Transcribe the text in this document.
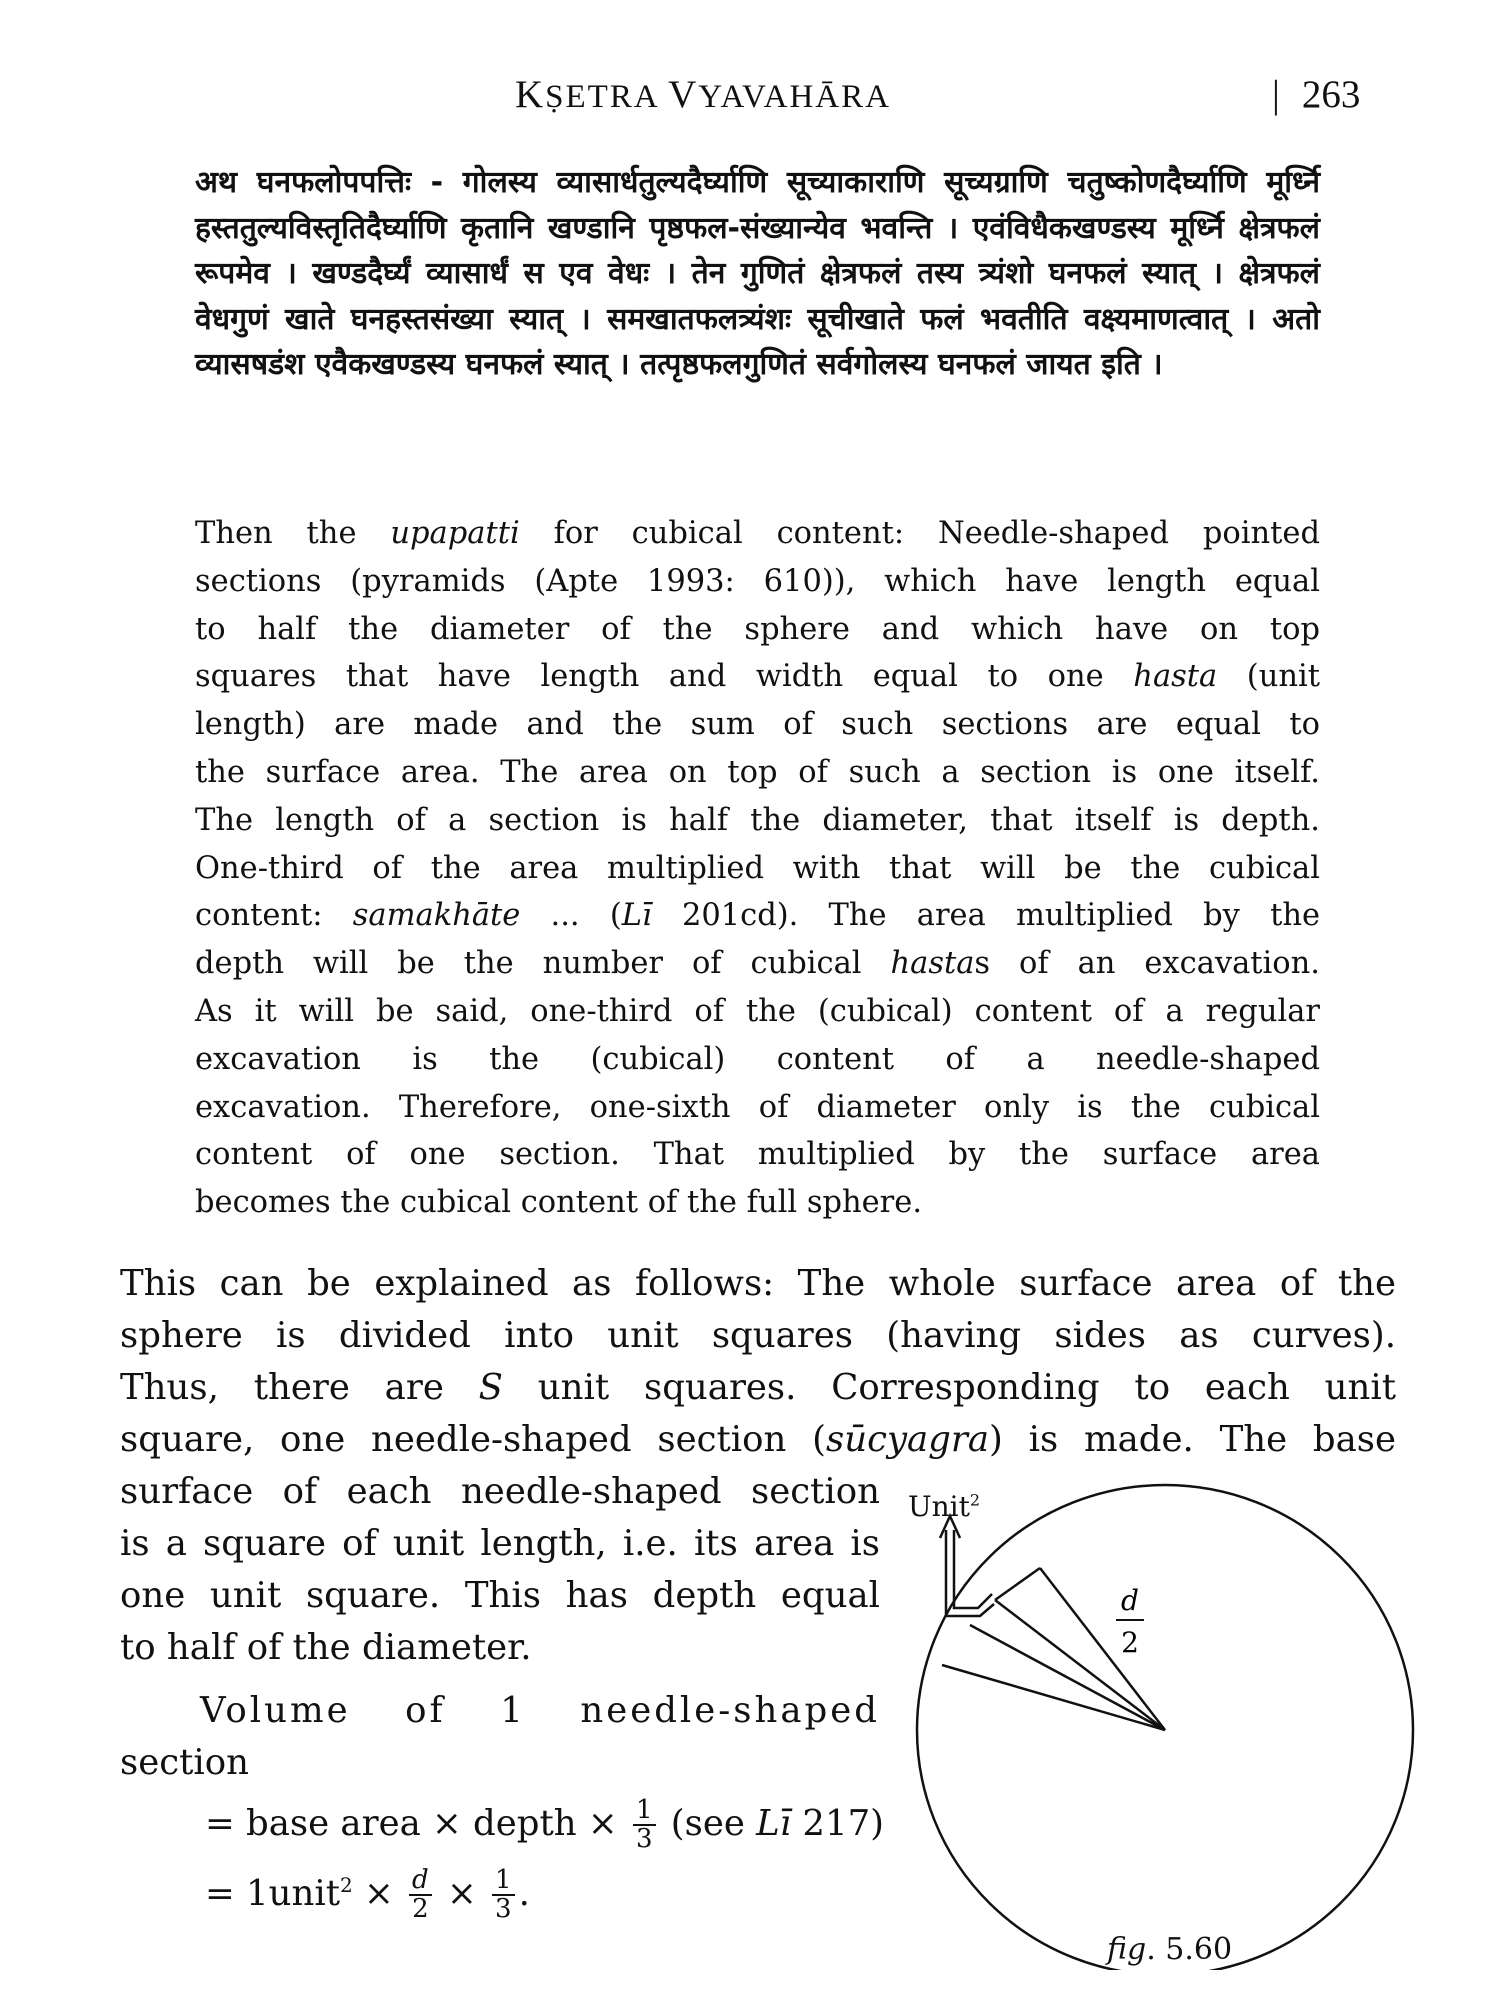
KṢETRA VYAVAHĀRA	| 263

अथ घनफलोपपत्तिः - गोलस्य व्यासार्धतुल्यदैर्घ्याणि सूच्याकाराणि सूच्यग्राणि चतुष्कोणदैर्घ्याणि मूर्ध्नि हस्ततुल्यविस्तृतिदैर्घ्याणि कृतानि खण्डानि पृष्ठफल-संख्यान्येव भवन्ति । एवंविधैकखण्डस्य मूर्ध्नि क्षेत्रफलं रूपमेव । खण्डदैर्घ्यं व्यासार्धं स एव वेधः । तेन गुणितं क्षेत्रफलं तस्य त्र्यंशो घनफलं स्यात् । क्षेत्रफलं वेधगुणं खाते घनहस्तसंख्या स्यात् । समखातफलत्र्यंशः सूचीखाते फलं भवतीति वक्ष्यमाणत्वात् । अतो व्यासषडंश एवैकखण्डस्य घनफलं स्यात् । तत्पृष्ठफलगुणितं सर्वगोलस्य घनफलं जायत इति ।

Then the upapatti for cubical content: Needle-shaped pointed
sections (pyramids (Apte 1993: 610)), which have length equal
to half the diameter of the sphere and which have on top
squares that have length and width equal to one hasta (unit
length) are made and the sum of such sections are equal to
the surface area. The area on top of such a section is one itself.
The length of a section is half the diameter, that itself is depth.
One-third of the area multiplied with that will be the cubical
content: samakhāte ... (Lī 201cd). The area multiplied by the
depth will be the number of cubical hastas of an excavation.
As it will be said, one-third of the (cubical) content of a regular
excavation is the (cubical) content of a needle-shaped
excavation. Therefore, one-sixth of diameter only is the cubical
content of one section. That multiplied by the surface area
becomes the cubical content of the full sphere.
This can be explained as follows: The whole surface area of the
sphere is divided into unit squares (having sides as curves).
Thus, there are S unit squares. Corresponding to each unit
square, one needle-shaped section (sūcyagra) is made. The base
surface of each needle-shaped section
is a square of unit length, i.e. its area is
one unit square. This has depth equal
to half of the diameter.
Volume of 1 needle-shaped
section
= base area × depth × $\frac{1}{3} (see$ Lī 217)
= 1unit$^2$ × $\frac{d}{2} \times \frac{1}{3}$ .
Unit$^2$
d
2
fig. 5.60
